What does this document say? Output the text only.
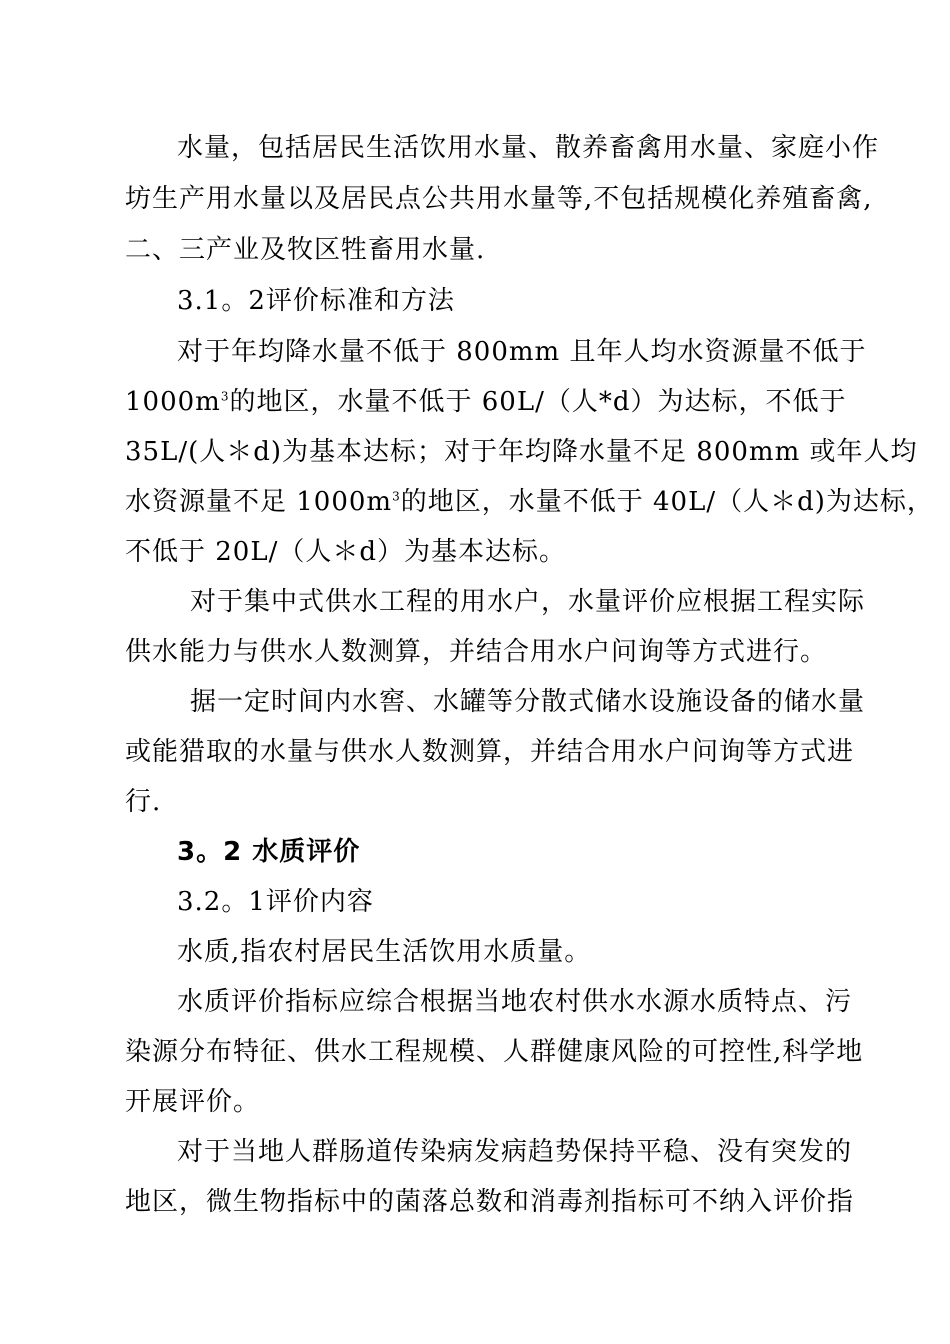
水量，包括居民生活饮用水量、散养畜禽用水量、家庭小作
坊生产用水量以及居民点公共用水量等,不包括规模化养殖畜禽,
二、三产业及牧区牲畜用水量.
3.1。2评价标准和方法
对于年均降水量不低于 800mm 且年人均水资源量不低于
$1000m^3$的地区，水量不低于 60L/（人*d）为达标，不低于
35L/(人＊d)为基本达标；对于年均降水量不足 800mm 或年人均
水资源量不足 $1000m^3$的地区，水量不低于 40L/（人＊d)为达标，
不低于 20L/（人＊d）为基本达标。
对于集中式供水工程的用水户，水量评价应根据工程实际
供水能力与供水人数测算，并结合用水户问询等方式进行。
据一定时间内水窖、水罐等分散式储水设施设备的储水量
或能猎取的水量与供水人数测算，并结合用水户问询等方式进
行.
3。2 水质评价
3.2。1评价内容
水质,指农村居民生活饮用水质量。
水质评价指标应综合根据当地农村供水水源水质特点、污
染源分布特征、供水工程规模、人群健康风险的可控性,科学地
开展评价。
对于当地人群肠道传染病发病趋势保持平稳、没有突发的
地区，微生物指标中的菌落总数和消毒剂指标可不纳入评价指
